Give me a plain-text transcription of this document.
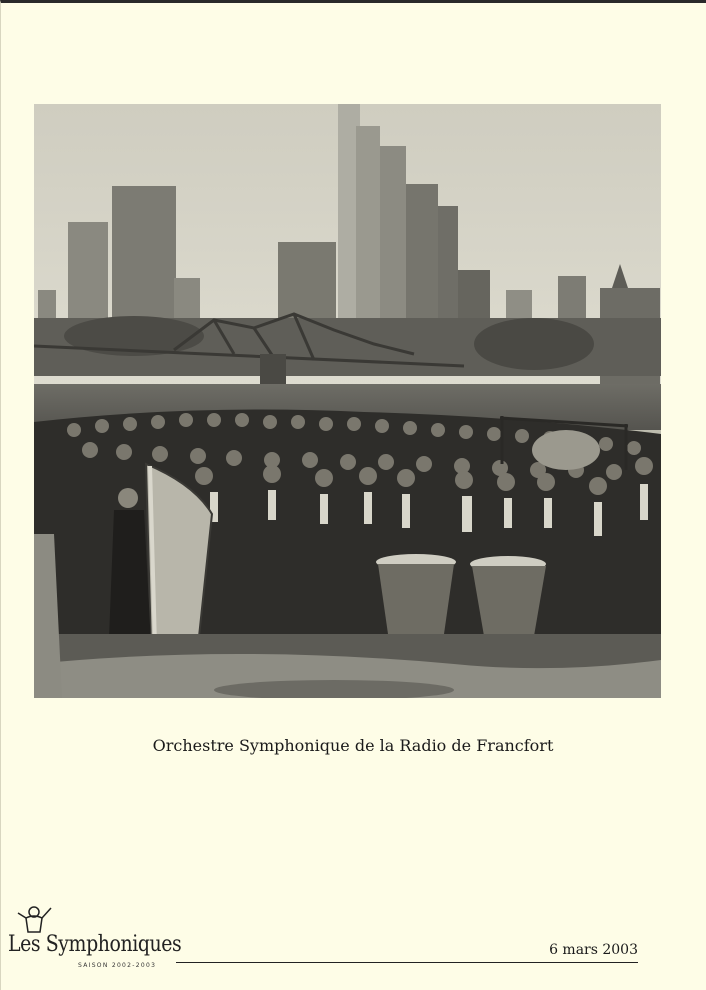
Orchestre Symphonique de la Radio de Francfort
Les Symphoniques
SAISON 2002-2003
6 mars 2003
